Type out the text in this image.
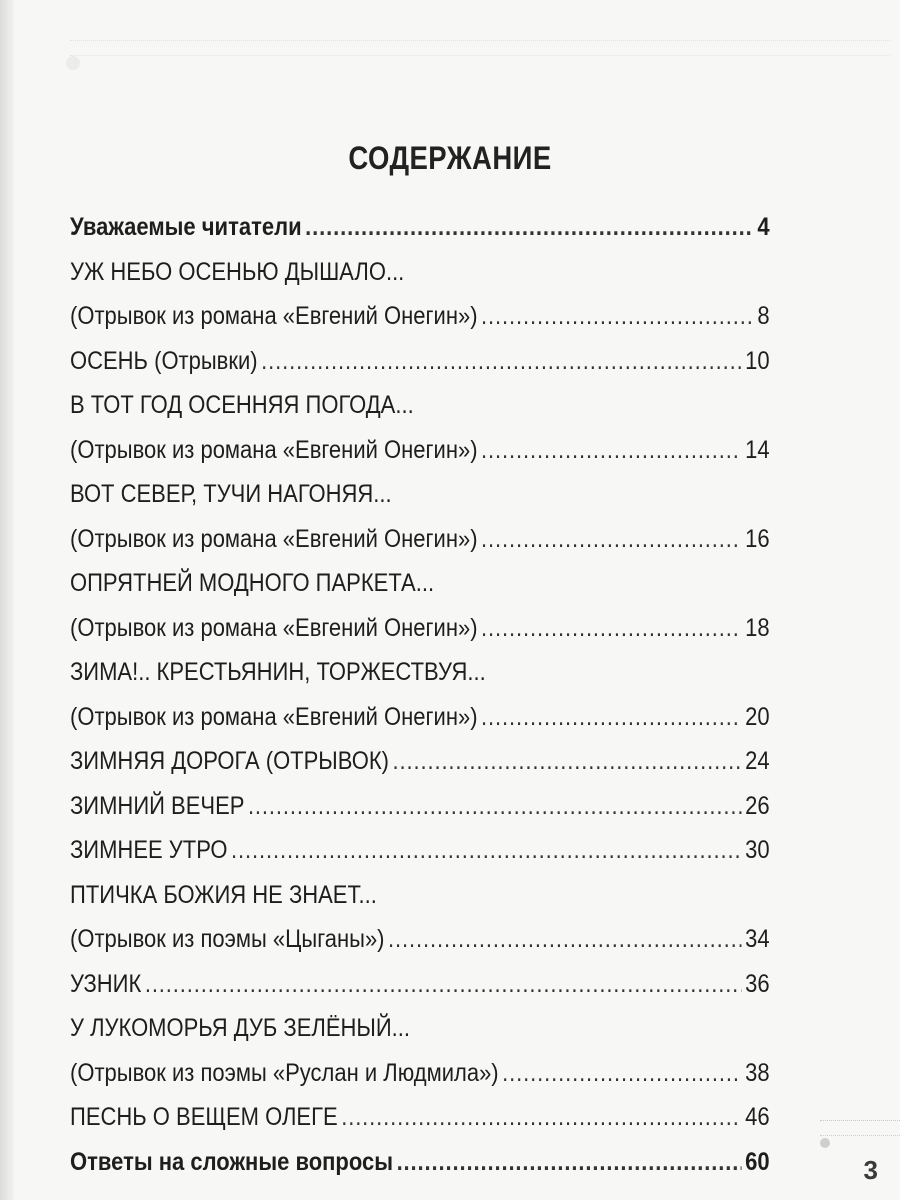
СОДЕРЖАНИЕ
Уважаемые читатели .....	4
УЖ НЕБО ОСЕНЬЮ ДЫШАЛО...
(Отрывок из романа «Евгений Онегин») .....	8
ОСЕНЬ (Отрывки) .....	10
В ТОТ ГОД ОСЕННЯЯ ПОГОДА...
(Отрывок из романа «Евгений Онегин») .....	14
ВОТ СЕВЕР, ТУЧИ НАГОНЯЯ...
(Отрывок из романа «Евгений Онегин») .....	16
ОПРЯТНЕЙ МОДНОГО ПАРКЕТА...
(Отрывок из романа «Евгений Онегин») .....	18
ЗИМА!.. КРЕСТЬЯНИН, ТОРЖЕСТВУЯ...
(Отрывок из романа «Евгений Онегин») .....	20
ЗИМНЯЯ ДОРОГА (ОТРЫВОК) .....	24
ЗИМНИЙ ВЕЧЕР .....	26
ЗИМНЕЕ УТРО .....	30
ПТИЧКА БОЖИЯ НЕ ЗНАЕТ...
(Отрывок из поэмы «Цыганы») .....	34
УЗНИК .....	36
У ЛУКОМОРЬЯ ДУБ ЗЕЛЁНЫЙ...
(Отрывок из поэмы «Руслан и Людмила») .....	38
ПЕСНЬ О ВЕЩЕМ ОЛЕГЕ .....	46
Ответы на сложные вопросы .....	60	3
